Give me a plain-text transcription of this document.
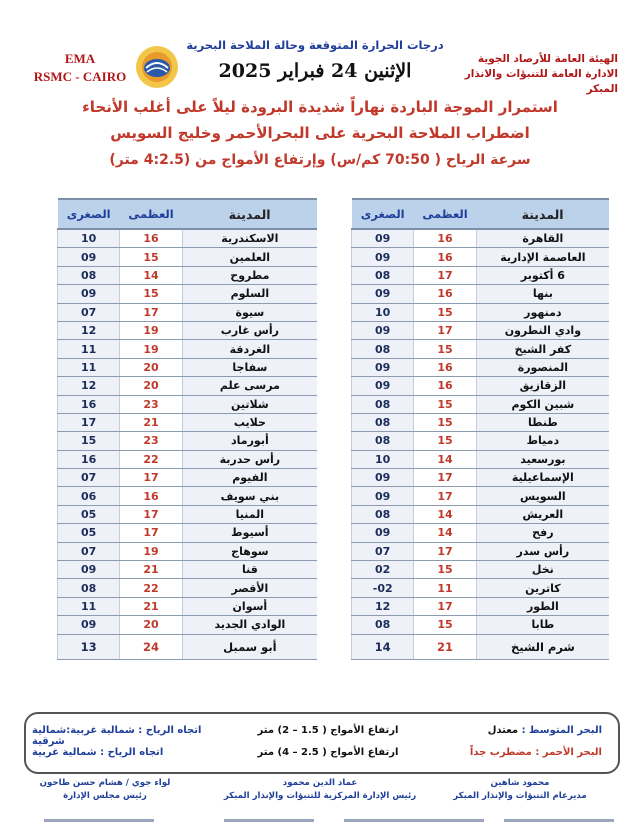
EMA
RSMC - CAIRO
درجات الحرارة المتوقعة وحالة الملاحة البحرية
الإثنين 24 فبراير 2025
الهيئة العامة للأرصاد الجوية
الادارة العامة للتنبؤات والانذار المبكر
استمرار الموجة الباردة نهاراً شديدة البرودة ليلاً على أغلب الأنحاء
اضطراب الملاحة البحرية على البحرالأحمر وخليج السويس
سرعة الرياح ( 70:50 كم/س) وإرتفاع الأمواج من (4:2.5 متر)
المدينة	العظمى	الصغرى
القاهرة	16	09
العاصمة الإدارية	16	09
6 أكتوبر	17	08
بنها	16	09
دمنهور	15	10
وادي النطرون	17	09
كفر الشيخ	15	08
المنصورة	16	09
الزقازيق	16	09
شبين الكوم	15	08
طنطا	15	08
دمياط	15	08
بورسعيد	14	10
الإسماعيلية	17	09
السويس	17	09
العريش	14	08
رفح	14	09
رأس سدر	17	07
نخل	15	02
كاترين	11	02-
الطور	17	12
طابا	15	08
شرم الشيخ	21	14
المدينة	العظمى	الصغرى
الاسكندرية	16	10
العلمين	15	09
مطروح	14	08
السلوم	15	09
سيوة	17	07
رأس غارب	19	12
الغردقة	19	11
سفاجا	20	11
مرسى علم	20	12
شلاتين	23	16
حلايب	21	17
أبورماد	23	15
رأس حدربة	22	16
الفيوم	17	07
بني سويف	16	06
المنيا	17	05
أسيوط	17	05
سوهاج	19	07
قنا	21	09
الأقصر	22	08
أسوان	21	11
الوادي الجديد	20	09
أبو سمبل	24	13
البحر المتوسط : معتدل
ارتفاع الأمواج ( 1.5 – 2) متر
اتجاه الرياح : شمالية غربية:شمالية شرقية
البحر الأحمر : مضطرب جداً
ارتفاع الأمواج ( 2.5 – 4) متر
اتجاه الرياح : شمالية غربية
محمود شاهين
مديرعام التنبؤات والإنذار المبكر
عماد الدين محمود
رئيس الإدارة المركزية للتنبؤات والإنذار المبكر
لواء جوي / هشام حسن طاحون
رئيس مجلس الإدارة
